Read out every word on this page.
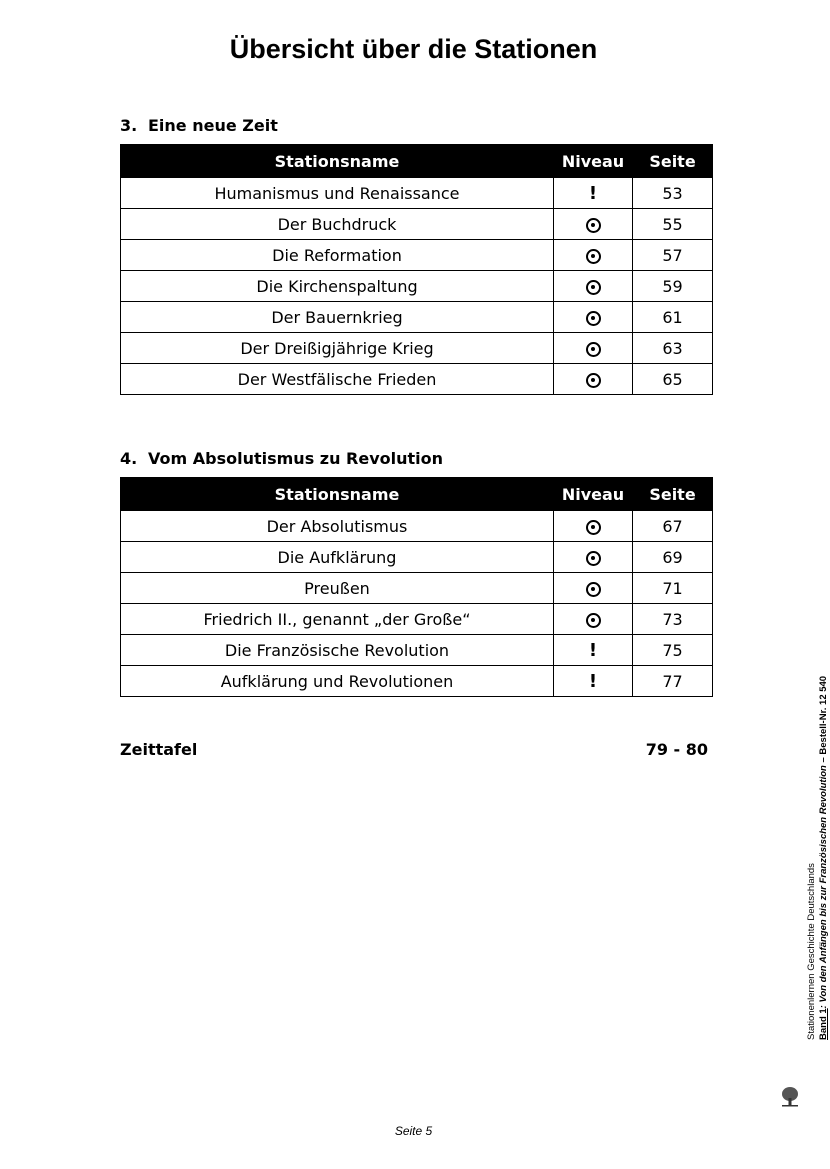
Übersicht über die Stationen
3. Eine neue Zeit
Stationsname	Niveau	Seite
Humanismus und Renaissance	!	53
Der Buchdruck		55
Die Reformation		57
Die Kirchenspaltung		59
Der Bauernkrieg		61
Der Dreißigjährige Krieg		63
Der Westfälische Frieden		65
4. Vom Absolutismus zu Revolution
Stationsname	Niveau	Seite
Der Absolutismus		67
Die Aufklärung		69
Preußen		71
Friedrich II., genannt „der Große“		73
Die Französische Revolution	!	75
Aufklärung und Revolutionen	!	77
Zeittafel	79 - 80
Seite 5
Stationenlernen Geschichte Deutschlands Band 1: Von den Anfängen bis zur Französischen Revolution – Bestell-Nr. 12 540
